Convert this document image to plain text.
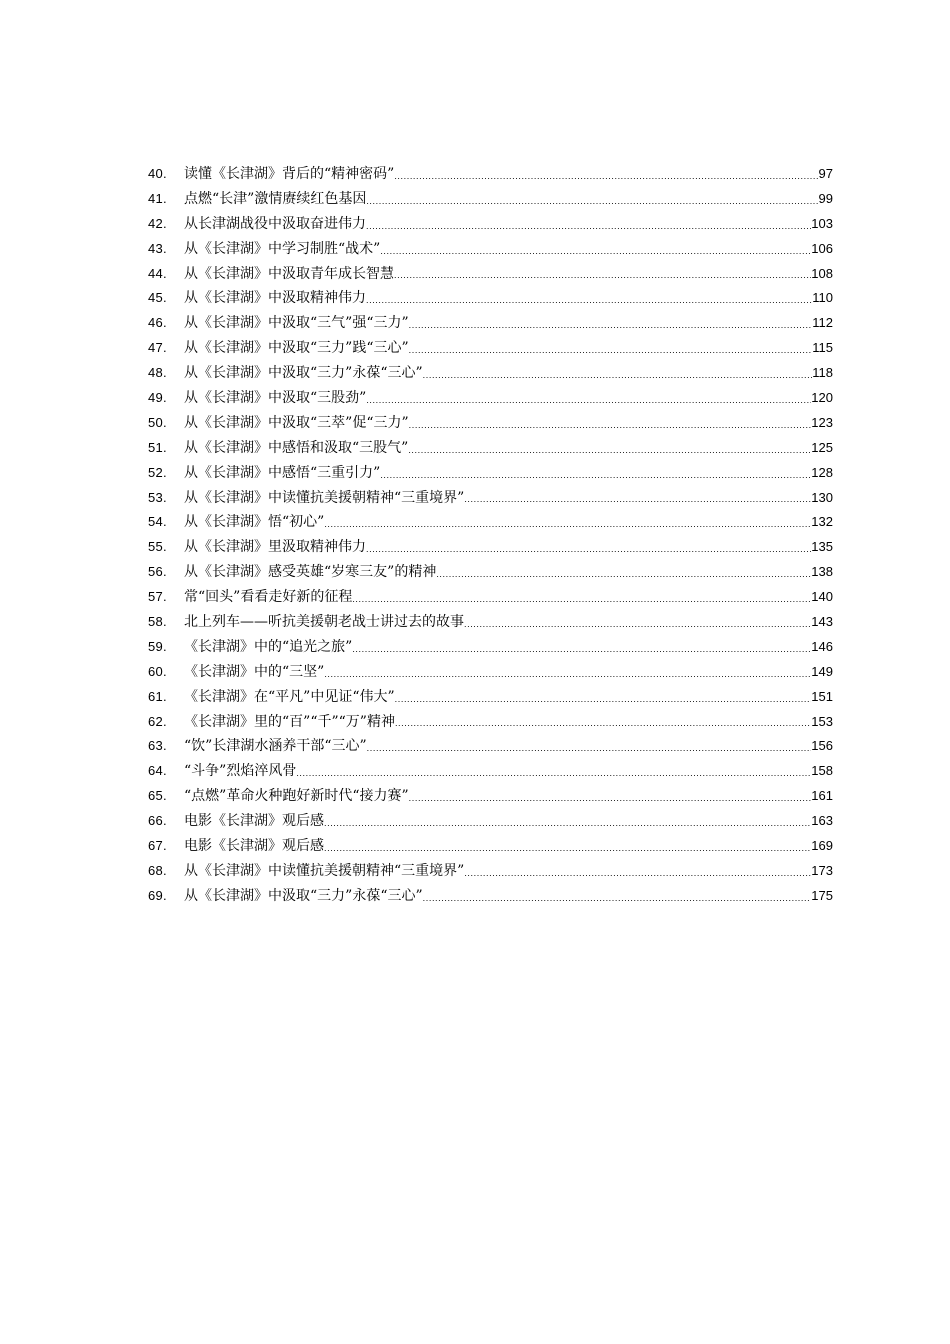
40.	读懂《长津湖》背后的“精神密码” .....	97
41.	点燃“长津”激情赓续红色基因 .....	99
42.	从长津湖战役中汲取奋进伟力 .....	103
43.	从《长津湖》中学习制胜“战术” .....	106
44.	从《长津湖》中汲取青年成长智慧 .....	108
45.	从《长津湖》中汲取精神伟力 .....	110
46.	从《长津湖》中汲取“三气”强“三力” .....	112
47.	从《长津湖》中汲取“三力”践“三心” .....	115
48.	从《长津湖》中汲取“三力”永葆“三心” .....	118
49.	从《长津湖》中汲取“三股劲” .....	120
50.	从《长津湖》中汲取“三萃”促“三力” .....	123
51.	从《长津湖》中感悟和汲取“三股气” .....	125
52.	从《长津湖》中感悟“三重引力” .....	128
53.	从《长津湖》中读懂抗美援朝精神“三重境界” .....	130
54.	从《长津湖》悟“初心” .....	132
55.	从《长津湖》里汲取精神伟力 .....	135
56.	从《长津湖》感受英雄“岁寒三友”的精神 .....	138
57.	常“回头”看看走好新的征程 .....	140
58.	北上列车——听抗美援朝老战士讲过去的故事 .....	143
59.	《长津湖》中的“追光之旅” .....	146
60.	《长津湖》中的“三坚” .....	149
61.	《长津湖》在“平凡”中见证“伟大” .....	151
62.	《长津湖》里的“百”“千”“万”精神 .....	153
63.	“饮”长津湖水涵养干部“三心” .....	156
64.	“斗争”烈焰淬风骨 .....	158
65.	“点燃”革命火种跑好新时代“接力赛” .....	161
66.	电影《长津湖》观后感 .....	163
67.	电影《长津湖》观后感 .....	169
68.	从《长津湖》中读懂抗美援朝精神“三重境界” .....	173
69.	从《长津湖》中汲取“三力”永葆“三心” .....	175
